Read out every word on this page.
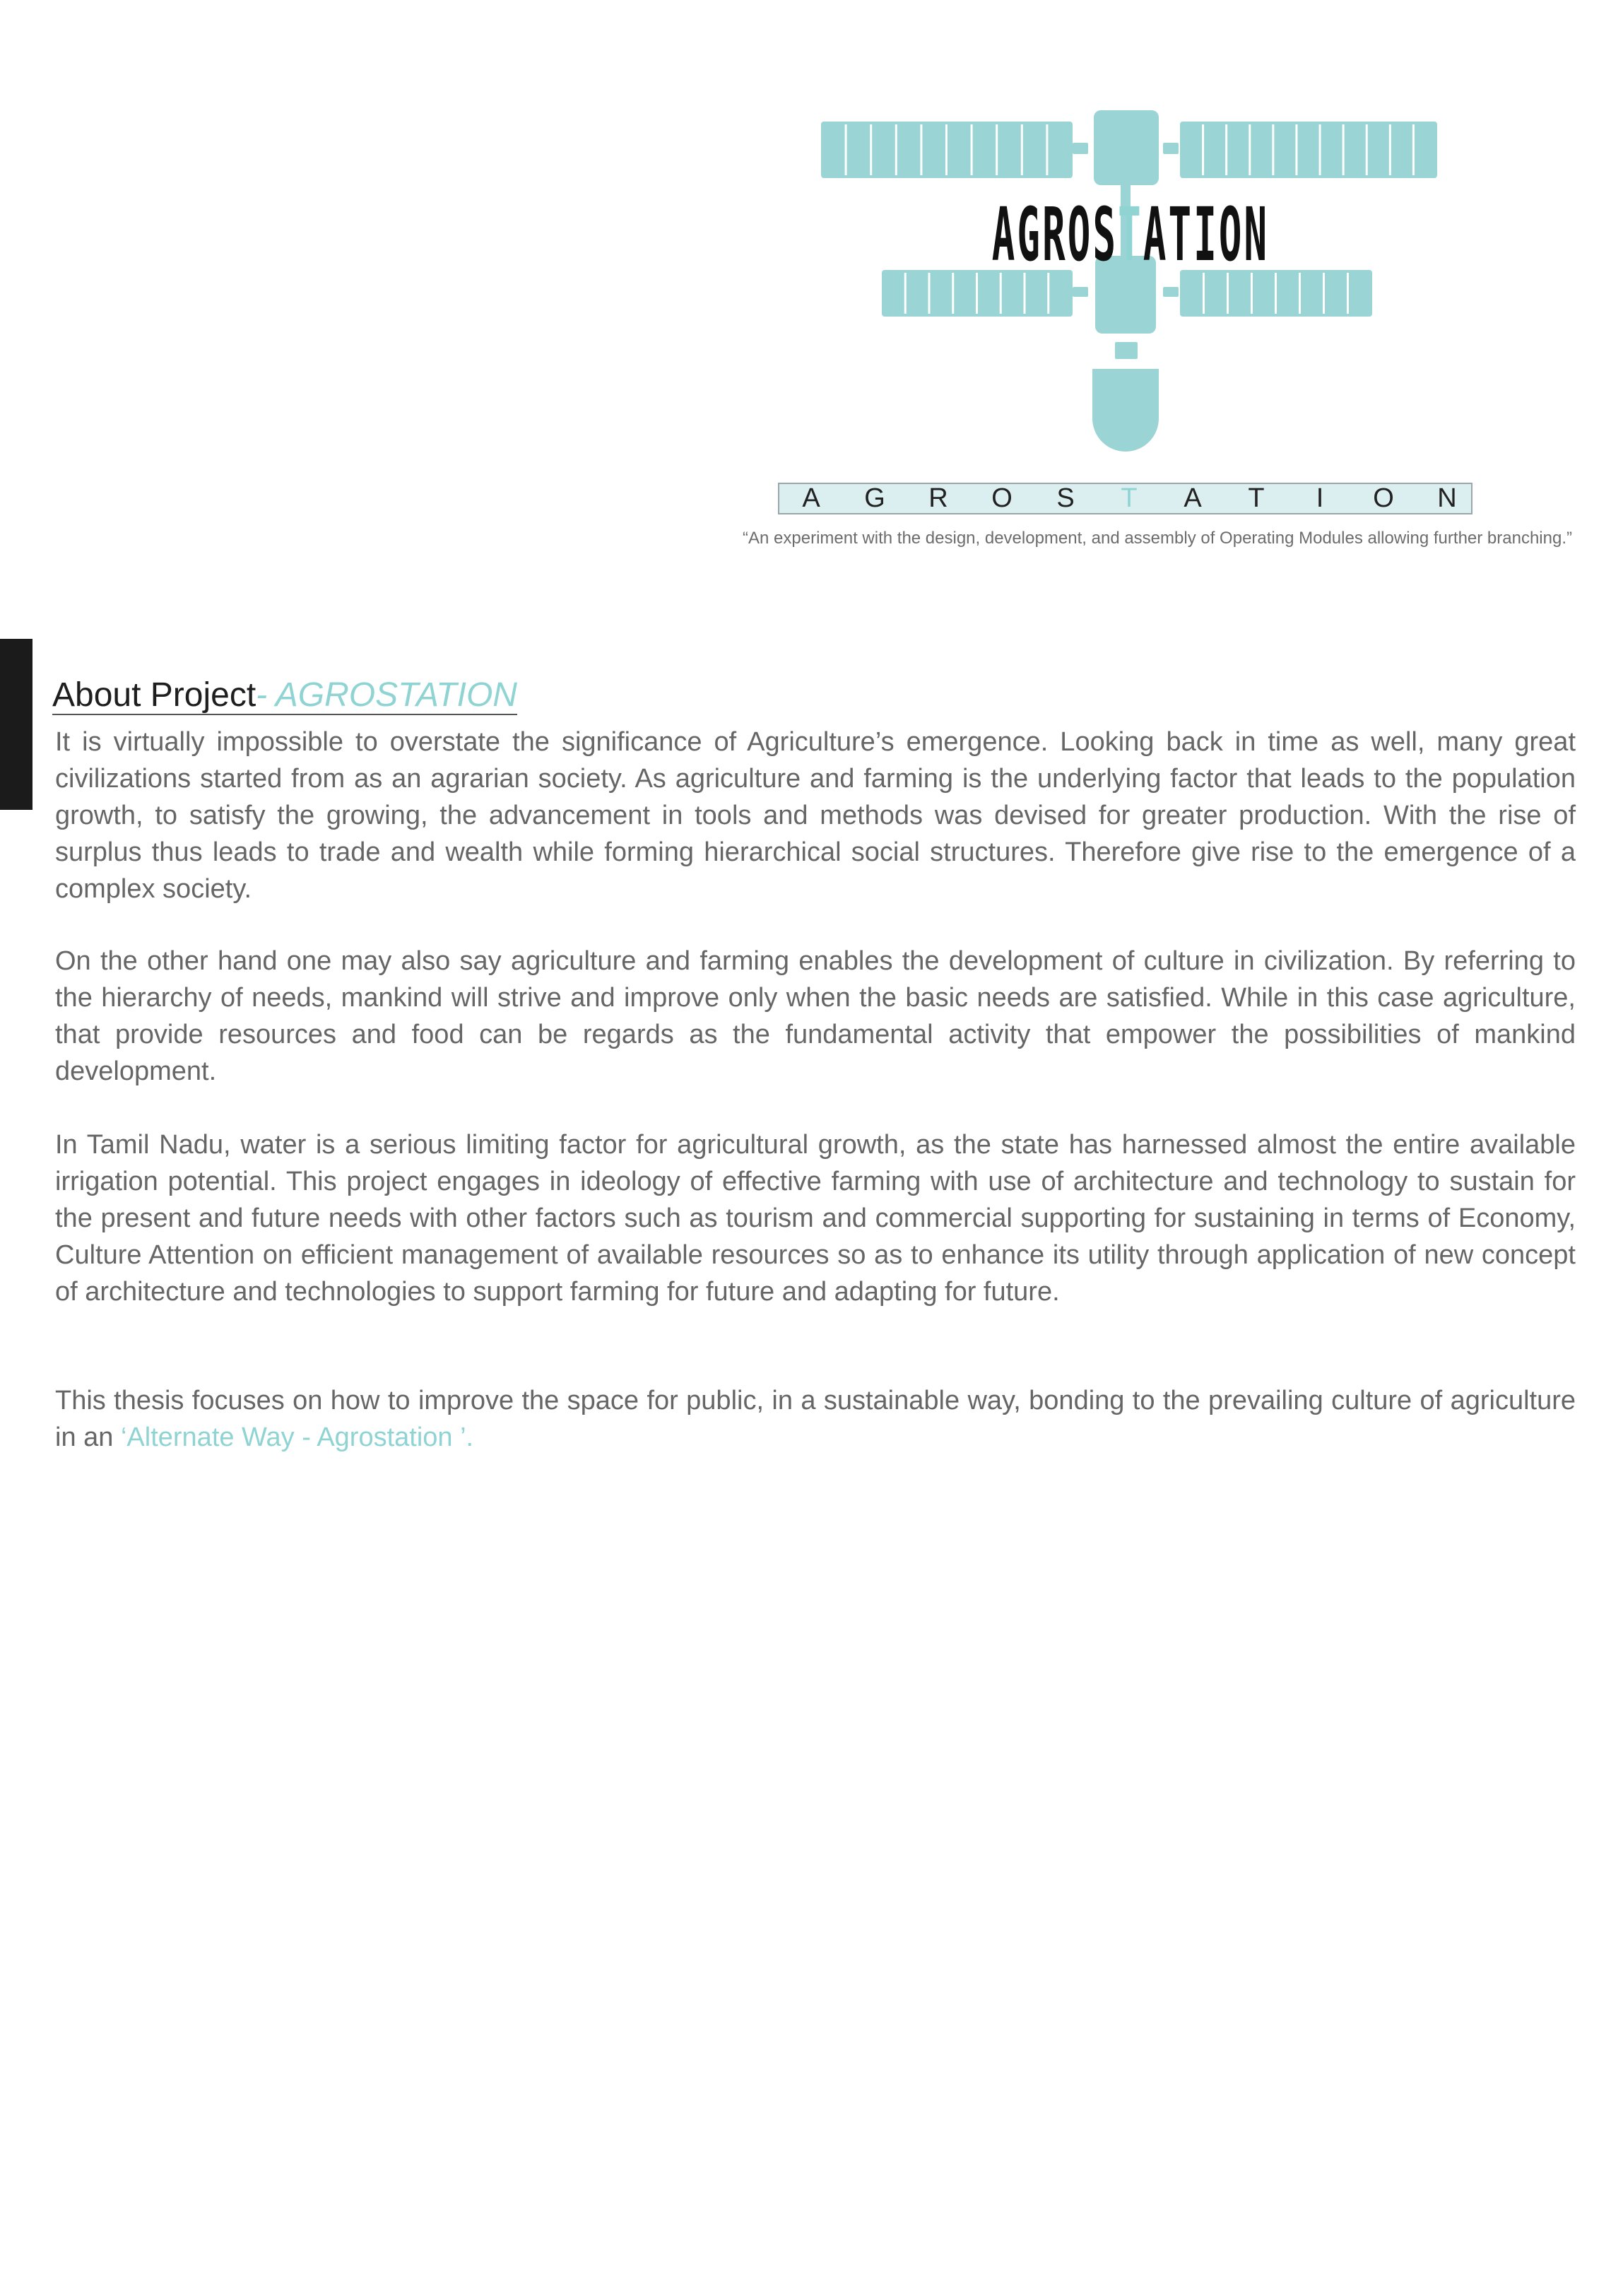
AGROSTATION
A G R O S T A T I O N
“An experiment with the design, development, and assembly of Operating Modules allowing further branching.”
About Project- AGROSTATION
It is virtually impossible to overstate the significance of Agriculture’s emergence. Looking back in time as well, many great civilizations started from as an agrarian society. As agriculture and farming is the underlying factor that leads to the population growth, to satisfy the growing, the advancement in tools and methods was devised for greater production. With the rise of surplus thus leads to trade and wealth while forming hierarchical social structures. Therefore give rise to the emergence of a complex society.
On the other hand one may also say agriculture and farming enables the development of culture in civilization. By referring to the hierarchy of needs, mankind will strive and improve only when the basic needs are satisfied. While in this case agriculture, that provide resources and food can be regards as the fundamental activity that empower the possibilities of mankind development.
In Tamil Nadu, water is a serious limiting factor for agricultural growth, as the state has harnessed almost the entire available irrigation potential. This project engages in ideology of effective farming with use of architecture and technology to sustain for the present and future needs with other factors such as tourism and commercial supporting for sustaining in terms of Economy, Culture Attention on efficient management of available resources so as to enhance its utility through application of new concept of architecture and technologies to support farming for future and adapting for future.
This thesis focuses on how to improve the space for public, in a sustainable way, bonding to the prevailing culture of agriculture in an ‘Alternate Way - Agrostation ’.
